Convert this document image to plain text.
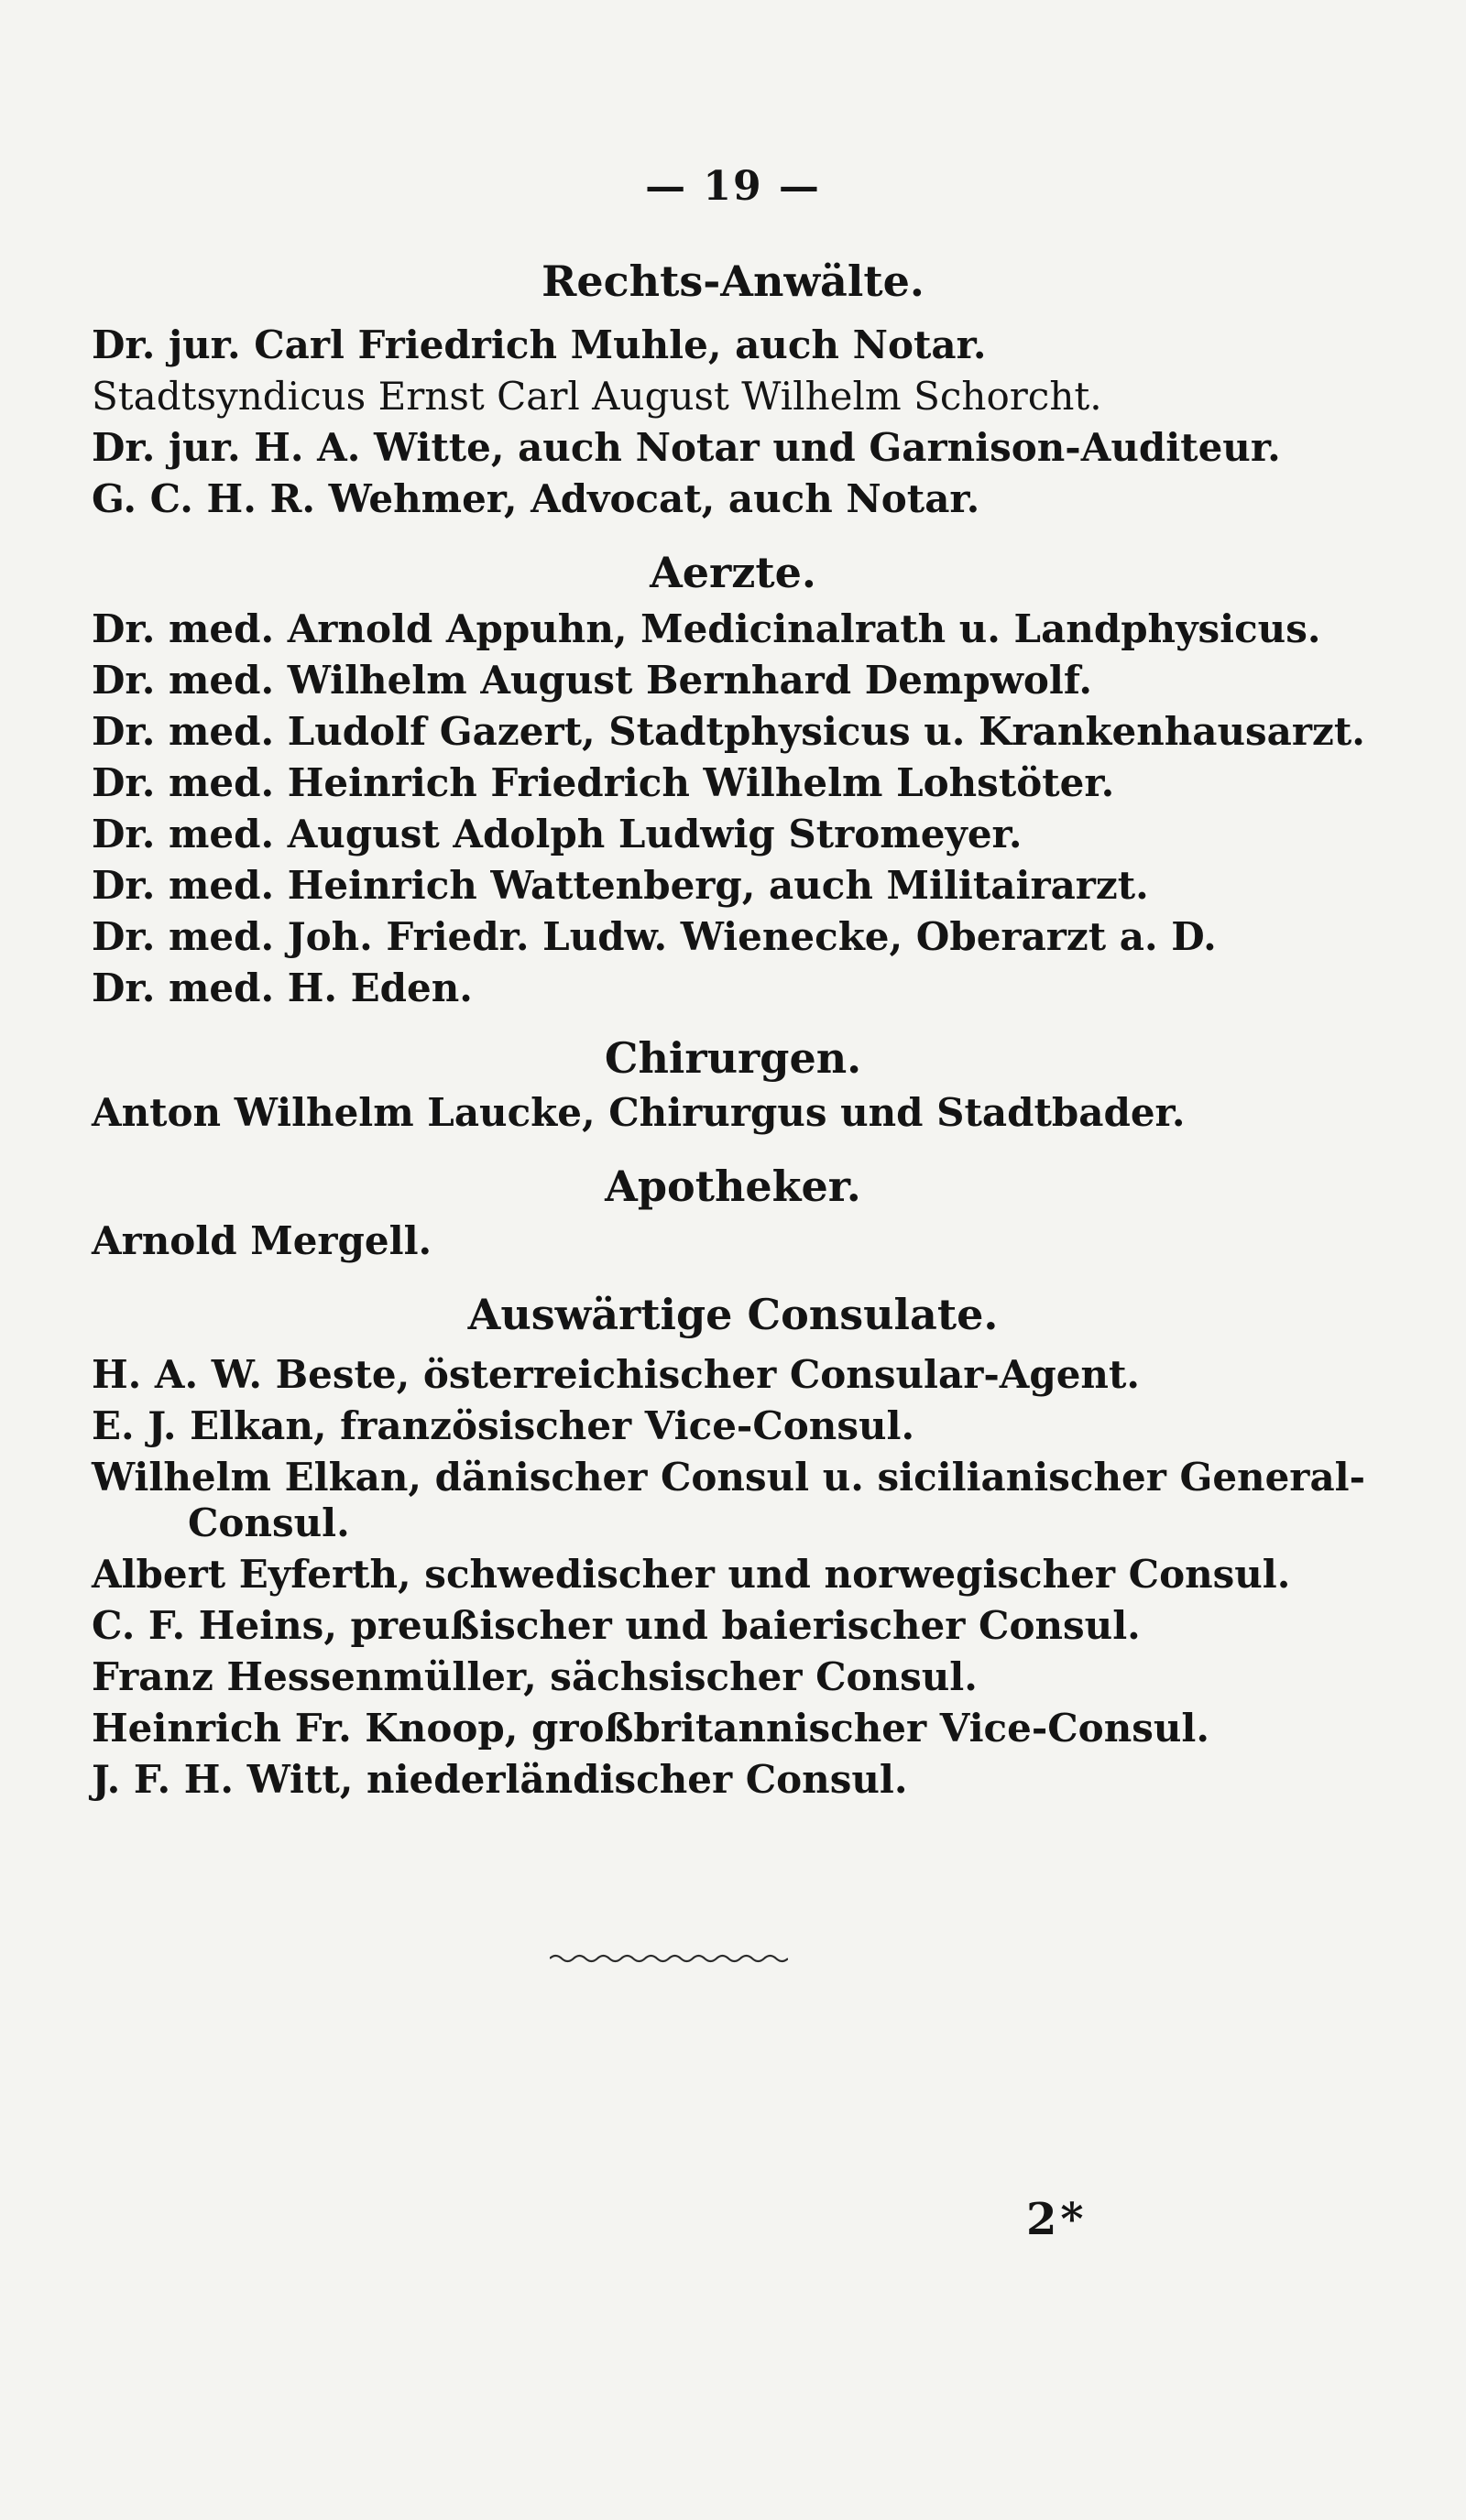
— 19 —
Rechts-Anwälte.
Dr. jur. Carl Friedrich Muhle, auch Notar.
Stadtsyndicus Ernst Carl August Wilhelm Schorcht.
Dr. jur. H. A. Witte, auch Notar und Garnison-Auditeur.
G. C. H. R. Wehmer, Advocat, auch Notar.
Aerzte.
Dr. med. Arnold Appuhn, Medicinalrath u. Landphysicus.
Dr. med. Wilhelm August Bernhard Dempwolf.
Dr. med. Ludolf Gazert, Stadtphysicus u. Krankenhausarzt.
Dr. med. Heinrich Friedrich Wilhelm Lohstöter.
Dr. med. August Adolph Ludwig Stromeyer.
Dr. med. Heinrich Wattenberg, auch Militairarzt.
Dr. med. Joh. Friedr. Ludw. Wienecke, Oberarzt a. D.
Dr. med. H. Eden.
Chirurgen.
Anton Wilhelm Laucke, Chirurgus und Stadtbader.
Apotheker.
Arnold Mergell.
Auswärtige Consulate.
H. A. W. Beste, österreichischer Consular-Agent.
E. J. Elkan, französischer Vice-Consul.
Wilhelm Elkan, dänischer Consul u. sicilianischer General-
Consul.
Albert Eyferth, schwedischer und norwegischer Consul.
C. F. Heins, preußischer und baierischer Consul.
Franz Hessenmüller, sächsischer Consul.
Heinrich Fr. Knoop, großbritannischer Vice-Consul.
J. F. H. Witt, niederländischer Consul.
2*
